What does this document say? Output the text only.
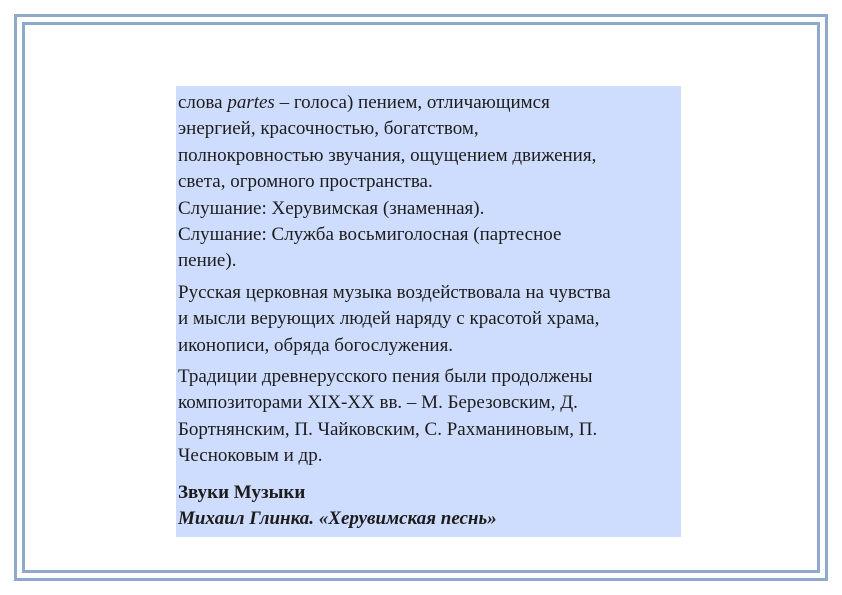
слова partes – голоса) пением, отличающимся
энергией, красочностью, богатством,
полнокровностью звучания, ощущением движения,
света, огромного пространства.
Слушание: Херувимская (знаменная).
Слушание: Служба восьмиголосная (партесное
пение).
Русская церковная музыка воздействовала на чувства
и мысли верующих людей наряду с красотой храма,
иконописи, обряда богослужения.
Традиции древнерусского пения были продолжены
композиторами XIX-XX вв. – М. Березовским, Д.
Бортнянским, П. Чайковским, С. Рахманиновым, П.
Чесноковым и др.
Звуки Музыки
Михаил Глинка. «Херувимская песнь»
